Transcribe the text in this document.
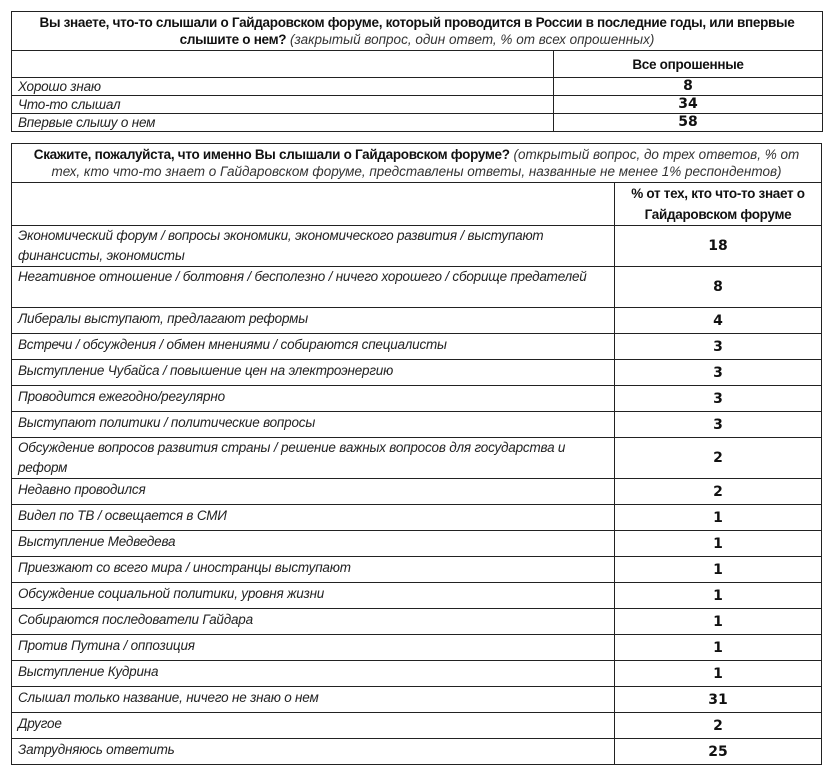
Вы знаете, что-то слышали о Гайдаровском форуме, который проводится в России в последние годы, или впервые слышите о нем? (закрытый вопрос, один ответ, % от всех опрошенных)	
	Все опрошенные
Хорошо знаю	8
Что-то слышал	34
Впервые слышу о нем	58
Скажите, пожалуйста, что именно Вы слышали о Гайдаровском форуме? (открытый вопрос, до трех ответов, % от тех, кто что-то знает о Гайдаровском форуме, представлены ответы, названные не менее 1% респондентов)	
	% от тех, кто что-то знает о Гайдаровском форуме
Экономический форум / вопросы экономики, экономического развития / выступают финансисты, экономисты	18
Негативное отношение / болтовня / бесполезно / ничего хорошего / сборище предателей	8
Либералы выступают, предлагают реформы	4
Встречи / обсуждения / обмен мнениями / собираются специалисты	3
Выступление Чубайса / повышение цен на электроэнергию	3
Проводится ежегодно/регулярно	3
Выступают политики / политические вопросы	3
Обсуждение вопросов развития страны / решение важных вопросов для государства и реформ	2
Недавно проводился	2
Видел по ТВ / освещается в СМИ	1
Выступление Медведева	1
Приезжают со всего мира / иностранцы выступают	1
Обсуждение социальной политики, уровня жизни	1
Собираются последователи Гайдара	1
Против Путина / оппозиция	1
Выступление Кудрина	1
Слышал только название, ничего не знаю о нем	31
Другое	2
Затрудняюсь ответить	25
